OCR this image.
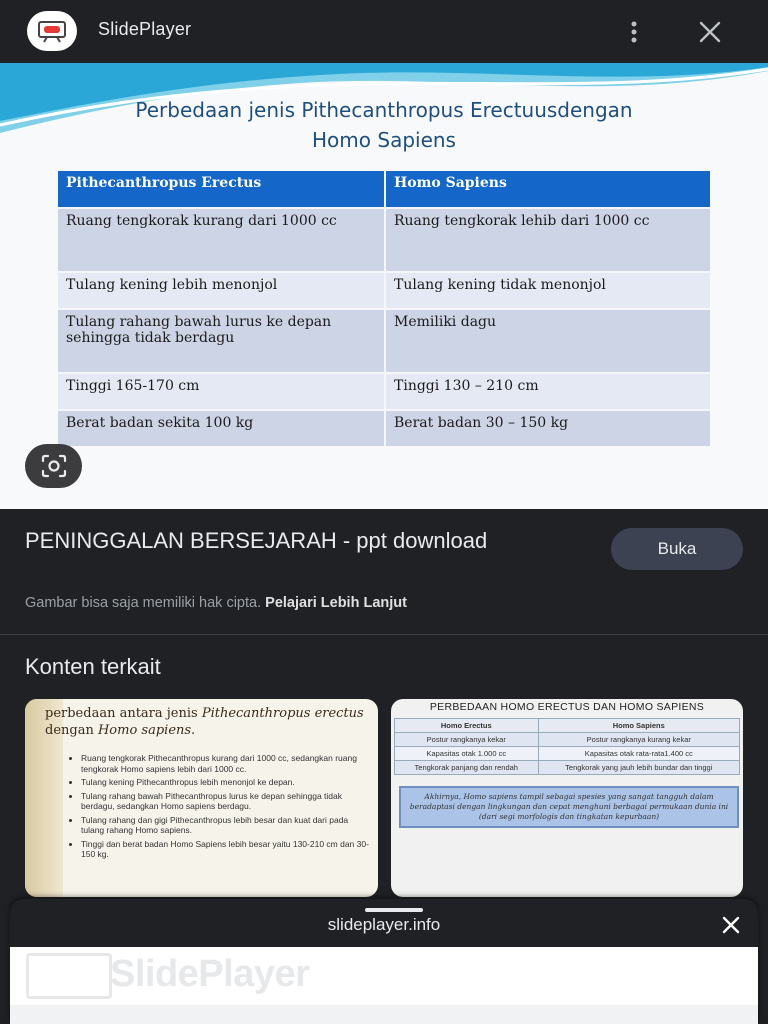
SlidePlayer
Perbedaan jenis Pithecanthropus Erectuusdengan
Homo Sapiens
Pithecanthropus Erectus	Homo Sapiens
Ruang tengkorak kurang dari 1000 cc	Ruang tengkorak lehib dari 1000 cc
Tulang kening lebih menonjol	Tulang kening tidak menonjol
Tulang rahang bawah lurus ke depan sehingga tidak berdagu	Memiliki dagu
Tinggi 165-170 cm	Tinggi 130 – 210 cm
Berat badan sekita 100 kg	Berat badan 30 – 150 kg
PENINGGALAN BERSEJARAH - ppt download	Buka
Gambar bisa saja memiliki hak cipta. Pelajari Lebih Lanjut
Konten terkait
perbedaan antara jenis Pithecanthropus erectus dengan Homo sapiens.
• Ruang tengkorak Pithecanthropus kurang dari 1000 cc, sedangkan ruang tengkorak Homo sapiens lebih dari 1000 cc.
• Tulang kening Pithecanthropus lebih menonjol ke depan.
• Tulang rahang bawah Pithecanthropus lurus ke depan sehingga tidak berdagu, sedangkan Homo sapiens berdagu.
• Tulang rahang dan gigi Pithecanthropus lebih besar dan kuat dari pada tulang rahang Homo sapiens.
• Tinggi dan berat badan Homo Sapiens lebih besar yaitu 130-210 cm dan 30-150 kg.
PERBEDAAN HOMO ERECTUS DAN HOMO SAPIENS
Homo Erectus	Homo Sapiens
Postur rangkanya kekar	Postur rangkanya kurang kekar
Kapasitas otak 1.000 cc	Kapasitas otak rata-rata1.400 cc
Tengkorak panjang dan rendah	Tengkorak yang jauh lebih bundar dan tinggi
Akhirnya, Homo sapiens tampil sebagai spesies yang sangat tangguh dalam beradaptasi dengan lingkungan dan cepat menghuni berbagai permukaan dunia ini (dari segi morfologis dan tingkatan kepurbaan)
slideplayer.info
SlidePlayer
